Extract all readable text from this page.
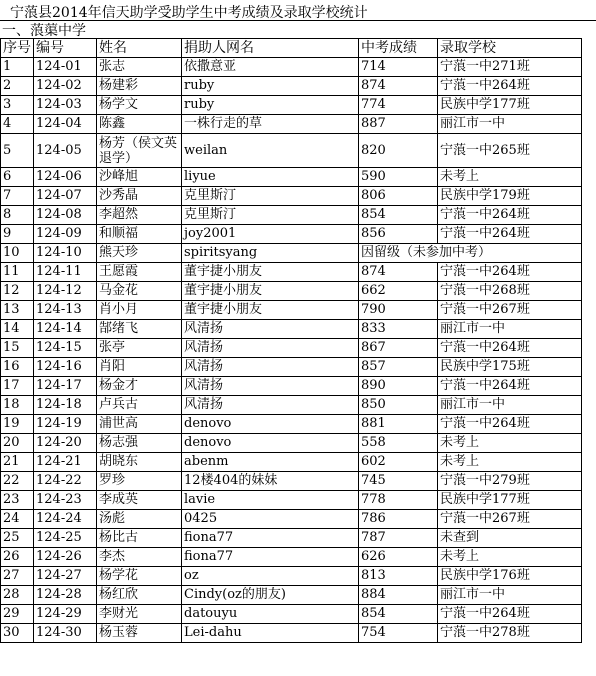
宁蒗县2014年信天助学受助学生中考成绩及录取学校统计
一、蒗蕖中学
序号	编号	姓名	捐助人网名	中考成绩	录取学校
1	124-01	张志	依撒意亚	714	宁蒗一中271班
2	124-02	杨建彩	ruby	874	宁蒗一中264班
3	124-03	杨学文	ruby	774	民族中学177班
4	124-04	陈鑫	一株行走的草	887	丽江市一中
5	124-05	杨芳（侯文英退学）	weilan	820	宁蒗一中265班
6	124-06	沙峰旭	liyue	590	未考上
7	124-07	沙秀晶	克里斯汀	806	民族中学179班
8	124-08	李超然	克里斯汀	854	宁蒗一中264班
9	124-09	和顺福	joy2001	856	宁蒗一中264班
10	124-10	熊天珍	spiritsyang	因留级（未参加中考）	
11	124-11	王愿霞	董宇捷小朋友	874	宁蒗一中264班
12	124-12	马金花	董宇捷小朋友	662	宁蒗一中268班
13	124-13	肖小月	董宇捷小朋友	790	宁蒗一中267班
14	124-14	郜绪飞	风清扬	833	丽江市一中
15	124-15	张亭	风清扬	867	宁蒗一中264班
16	124-16	肖阳	风清扬	857	民族中学175班
17	124-17	杨金才	风清扬	890	宁蒗一中264班
18	124-18	卢兵古	风清扬	850	丽江市一中
19	124-19	浦世高	denovo	881	宁蒗一中264班
20	124-20	杨志强	denovo	558	未考上
21	124-21	胡晓东	abenm	602	未考上
22	124-22	罗珍	12楼404的妹妹	745	宁蒗一中279班
23	124-23	李成英	lavie	778	民族中学177班
24	124-24	汤彪	0425	786	宁蒗一中267班
25	124-25	杨比古	fiona77	787	未查到
26	124-26	李杰	fiona77	626	未考上
27	124-27	杨学花	oz	813	民族中学176班
28	124-28	杨红欣	Cindy(oz的朋友)	884	丽江市一中
29	124-29	李财光	datouyu	854	宁蒗一中264班
30	124-30	杨玉蓉	Lei-dahu	754	宁蒗一中278班
